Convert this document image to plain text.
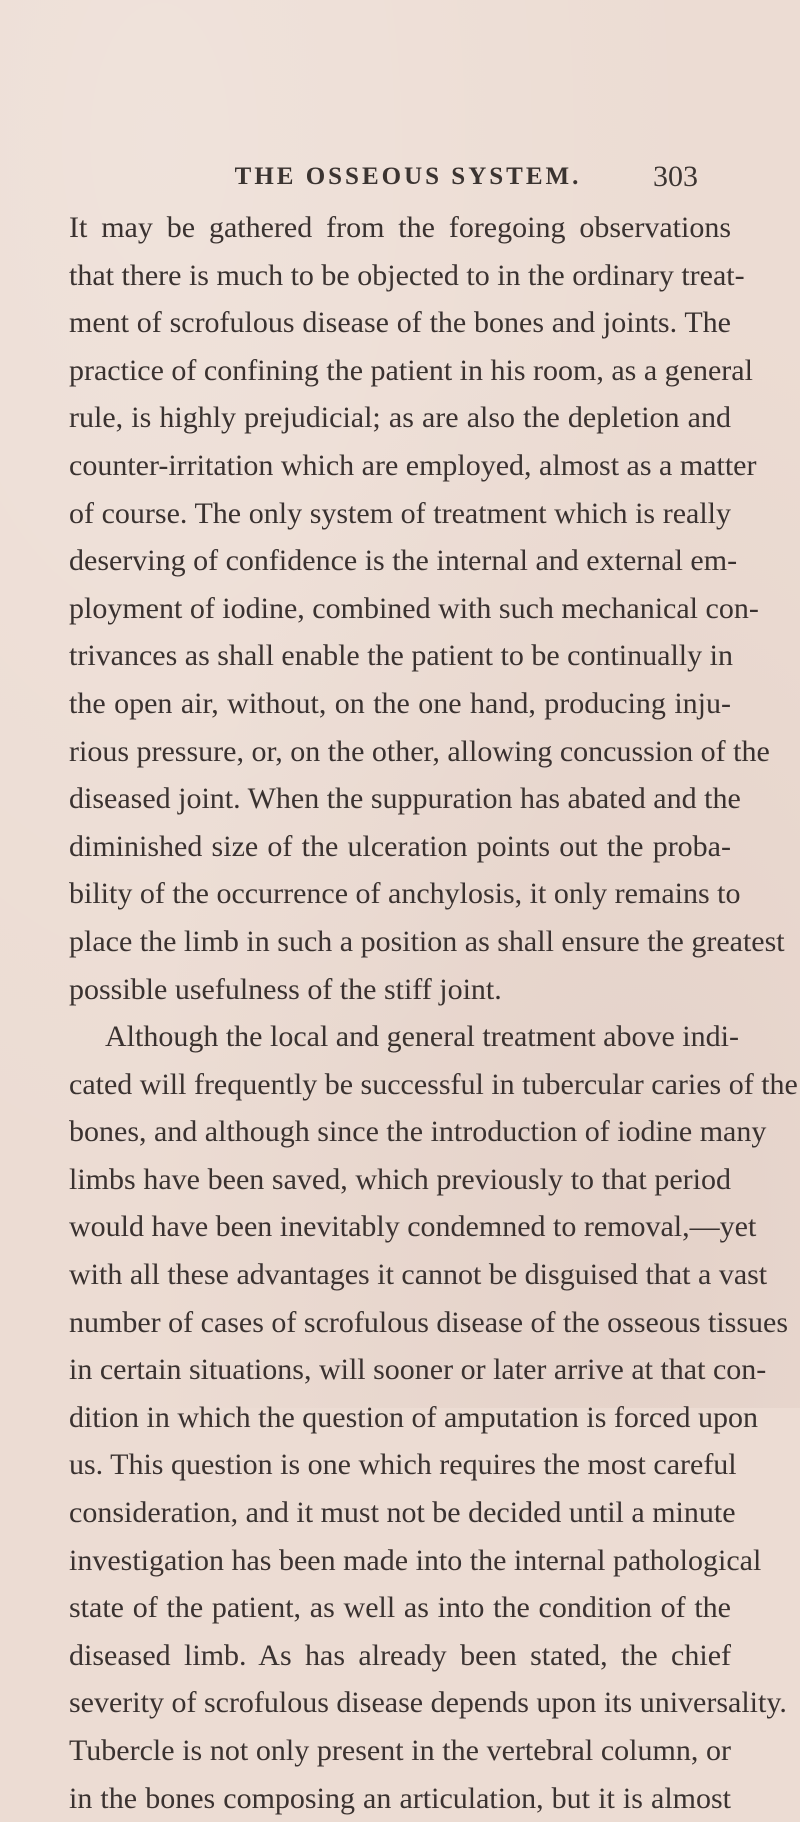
THE OSSEOUS SYSTEM.	303
It may be gathered from the foregoing observations
that there is much to be objected to in the ordinary treat-
ment of scrofulous disease of the bones and joints. The
practice of confining the patient in his room, as a general
rule, is highly prejudicial; as are also the depletion and
counter-irritation which are employed, almost as a matter
of course. The only system of treatment which is really
deserving of confidence is the internal and external em-
ployment of iodine, combined with such mechanical con-
trivances as shall enable the patient to be continually in
the open air, without, on the one hand, producing inju-
rious pressure, or, on the other, allowing concussion of the
diseased joint. When the suppuration has abated and the
diminished size of the ulceration points out the proba-
bility of the occurrence of anchylosis, it only remains to
place the limb in such a position as shall ensure the greatest
possible usefulness of the stiff joint.
Although the local and general treatment above indi-
cated will frequently be successful in tubercular caries of the
bones, and although since the introduction of iodine many
limbs have been saved, which previously to that period
would have been inevitably condemned to removal,—yet
with all these advantages it cannot be disguised that a vast
number of cases of scrofulous disease of the osseous tissues
in certain situations, will sooner or later arrive at that con-
dition in which the question of amputation is forced upon
us. This question is one which requires the most careful
consideration, and it must not be decided until a minute
investigation has been made into the internal pathological
state of the patient, as well as into the condition of the
diseased limb. As has already been stated, the chief
severity of scrofulous disease depends upon its universality.
Tubercle is not only present in the vertebral column, or
in the bones composing an articulation, but it is almost
